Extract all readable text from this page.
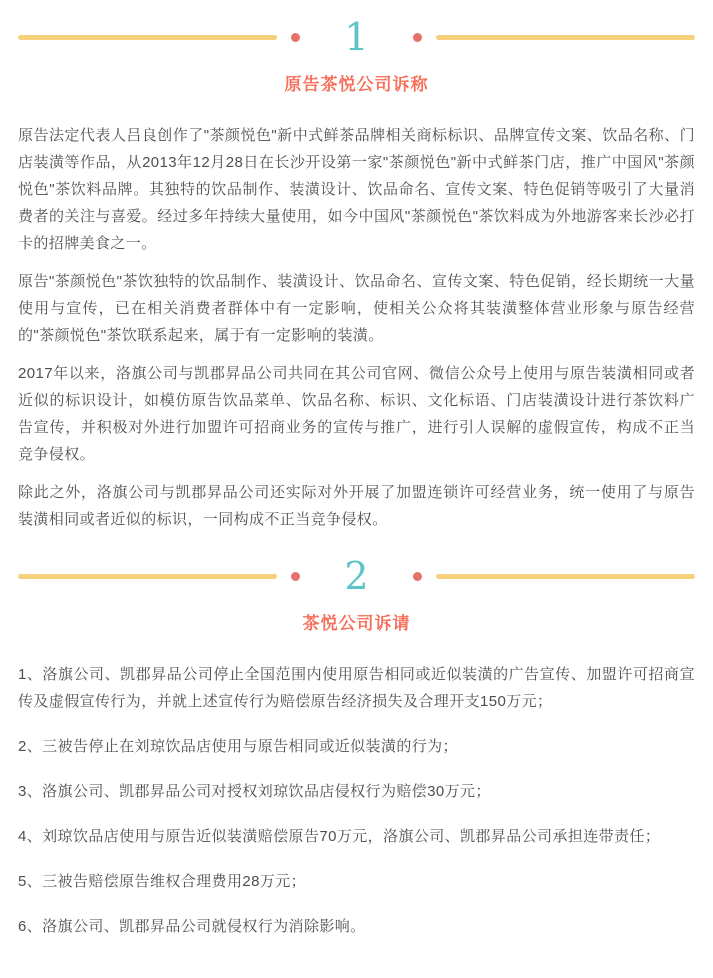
1
原告茶悦公司诉称

原告法定代表人吕良创作了"茶颜悦色"新中式鲜茶品牌相关商标标识、品牌宣传文案、饮品名称、门店装潢等作品，从2013年12月28日在长沙开设第一家"茶颜悦色"新中式鲜茶门店，推广中国风"茶颜悦色"茶饮料品牌。其独特的饮品制作、装潢设计、饮品命名、宣传文案、特色促销等吸引了大量消费者的关注与喜爱。经过多年持续大量使用，如今中国风"茶颜悦色"茶饮料成为外地游客来长沙必打卡的招牌美食之一。

原告"茶颜悦色"茶饮独特的饮品制作、装潢设计、饮品命名、宣传文案、特色促销，经长期统一大量使用与宣传，已在相关消费者群体中有一定影响，使相关公众将其装潢整体营业形象与原告经营的"茶颜悦色"茶饮联系起来，属于有一定影响的装潢。

2017年以来，洛旗公司与凯郡昇品公司共同在其公司官网、微信公众号上使用与原告装潢相同或者近似的标识设计，如模仿原告饮品菜单、饮品名称、标识、文化标语、门店装潢设计进行茶饮料广告宣传，并积极对外进行加盟许可招商业务的宣传与推广，进行引人误解的虚假宣传，构成不正当竞争侵权。

除此之外，洛旗公司与凯郡昇品公司还实际对外开展了加盟连锁许可经营业务，统一使用了与原告装潢相同或者近似的标识，一同构成不正当竞争侵权。

2
茶悦公司诉请

1、洛旗公司、凯郡昇品公司停止全国范围内使用原告相同或近似装潢的广告宣传、加盟许可招商宣传及虚假宣传行为，并就上述宣传行为赔偿原告经济损失及合理开支150万元；

2、三被告停止在刘琼饮品店使用与原告相同或近似装潢的行为；

3、洛旗公司、凯郡昇品公司对授权刘琼饮品店侵权行为赔偿30万元；

4、刘琼饮品店使用与原告近似装潢赔偿原告70万元，洛旗公司、凯郡昇品公司承担连带责任；

5、三被告赔偿原告维权合理费用28万元；

6、洛旗公司、凯郡昇品公司就侵权行为消除影响。
